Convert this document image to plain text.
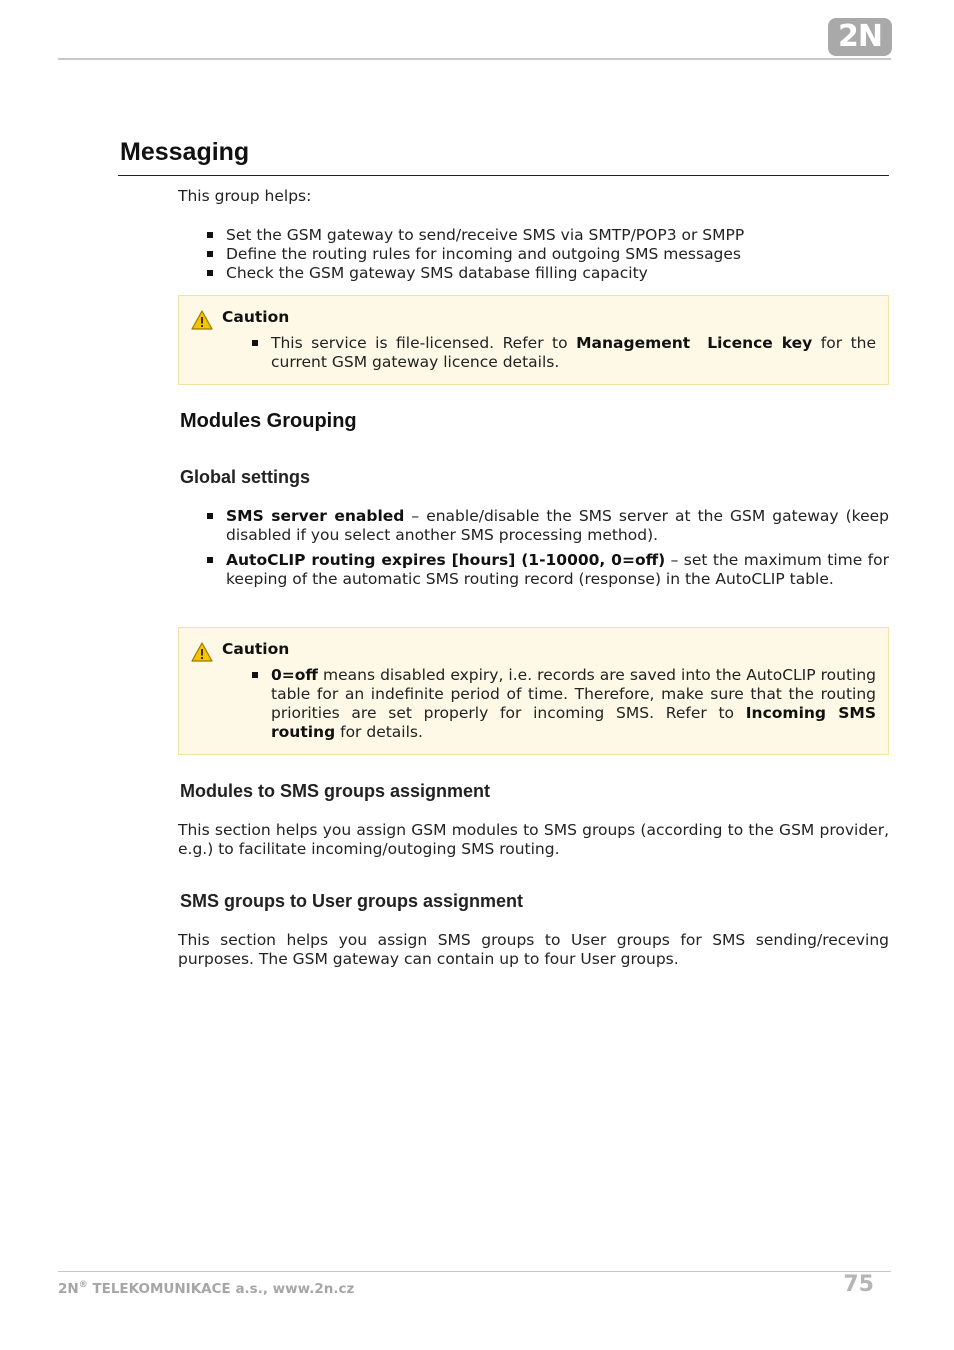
2N
Messaging

This group helps:

Set the GSM gateway to send/receive SMS via SMTP/POP3 or SMPP
Define the routing rules for incoming and outgoing SMS messages
Check the GSM gateway SMS database filling capacity
Caution
This service is file-licensed. Refer to Management Licence key for the current GSM gateway licence details.
Modules Grouping
Global settings
SMS server enabled – enable/disable the SMS server at the GSM gateway (keep disabled if you select another SMS processing method).
AutoCLIP routing expires [hours] (1-10000, 0=off) – set the maximum time for keeping of the automatic SMS routing record (response) in the AutoCLIP table.
Caution
0=off means disabled expiry, i.e. records are saved into the AutoCLIP routing table for an indefinite period of time. Therefore, make sure that the routing priorities are set properly for incoming SMS. Refer to Incoming SMS routing for details.
Modules to SMS groups assignment

This section helps you assign GSM modules to SMS groups (according to the GSM provider, e.g.) to facilitate incoming/outoging SMS routing.

SMS groups to User groups assignment

This section helps you assign SMS groups to User groups for SMS sending/receving purposes. The GSM gateway can contain up to four User groups.

2N® TELEKOMUNIKACE a.s., www.2n.cz	75
